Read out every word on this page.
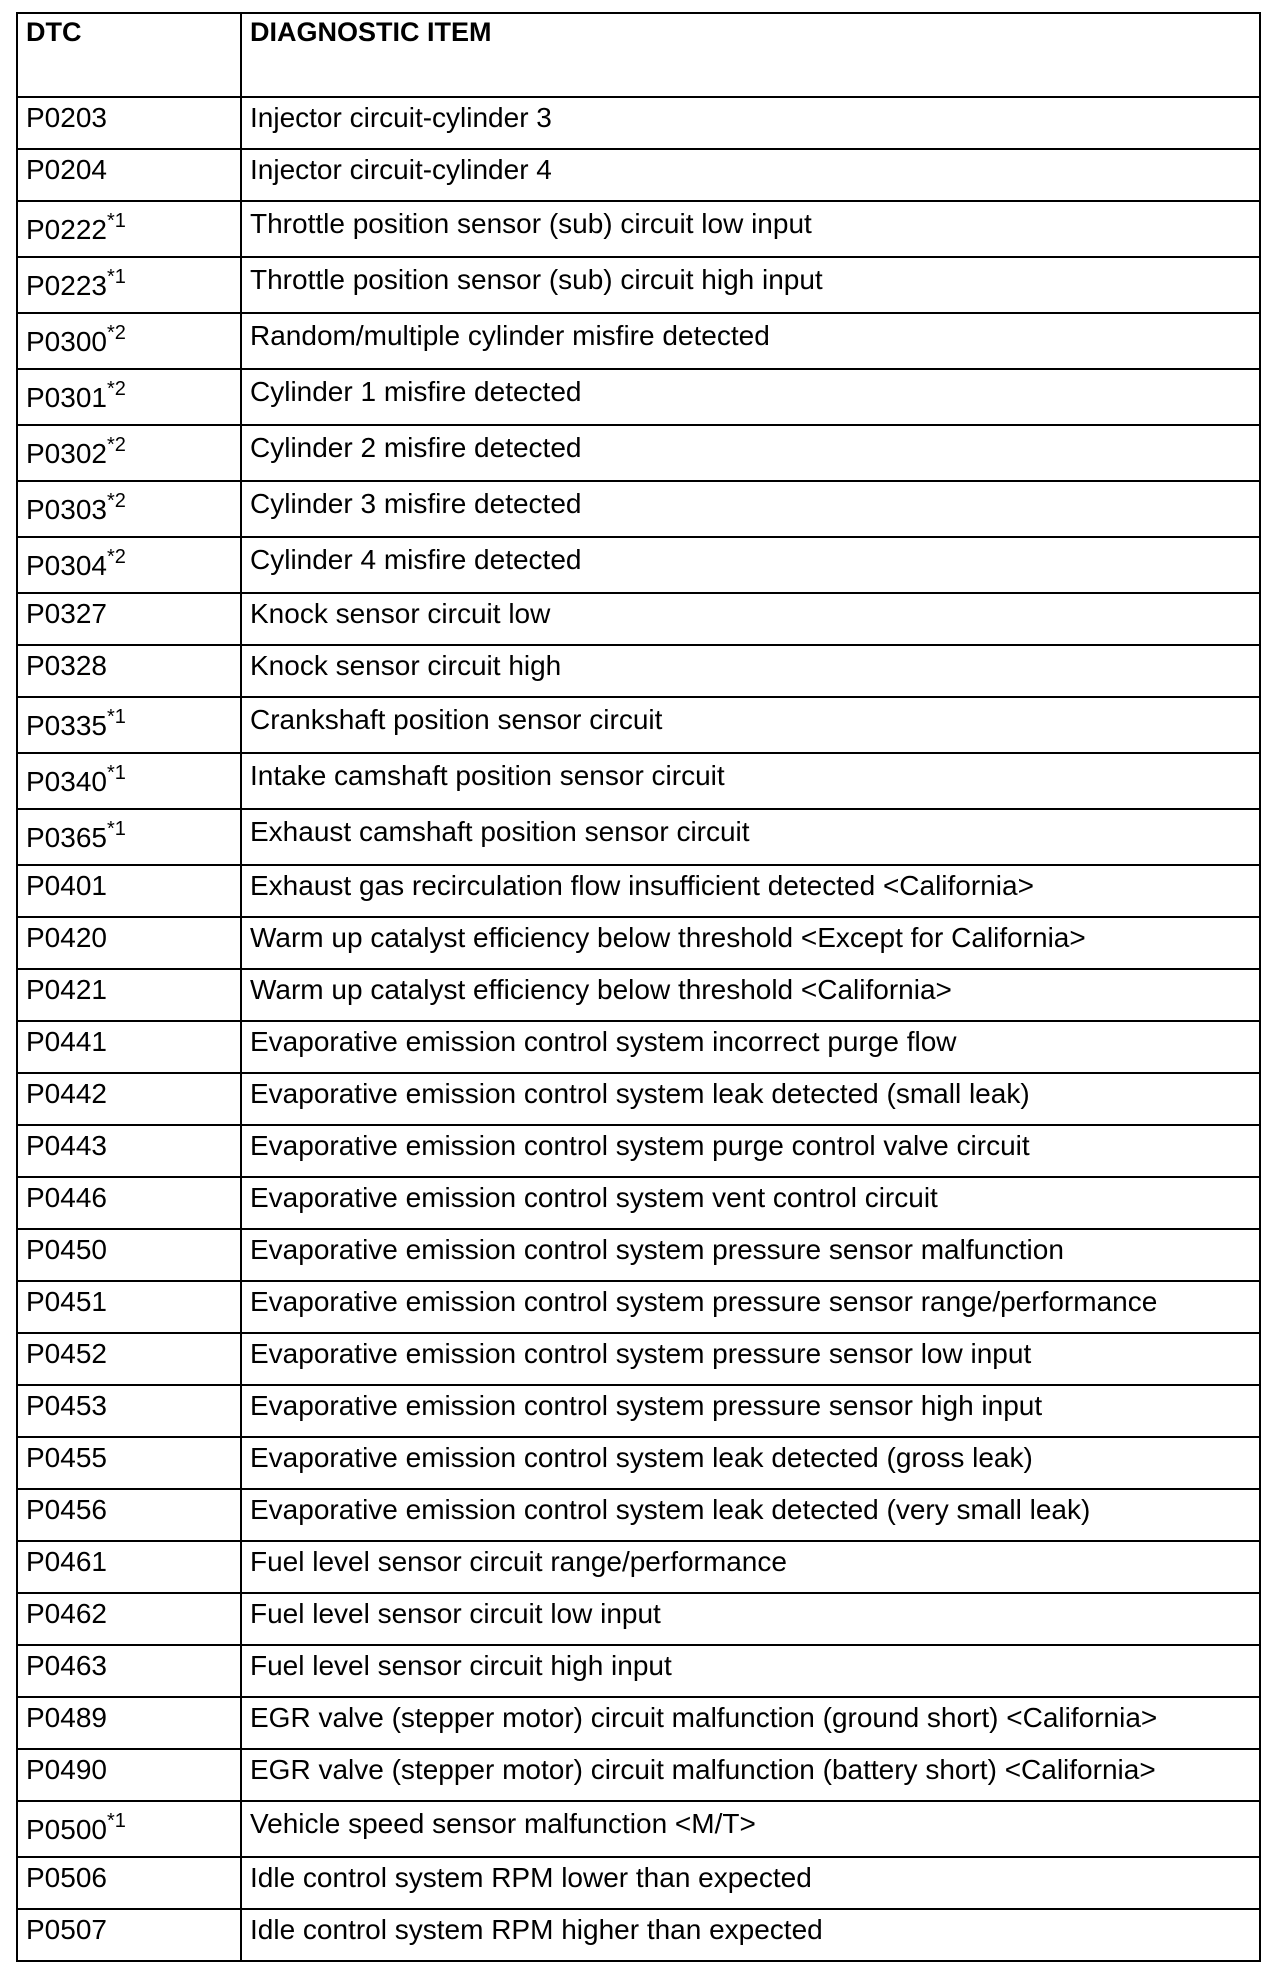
DTC	DIAGNOSTIC ITEM
P0203	Injector circuit-cylinder 3
P0204	Injector circuit-cylinder 4
P0222$^{*1}$	Throttle position sensor (sub) circuit low input
P0223$^{*1}$	Throttle position sensor (sub) circuit high input
P0300$^{*2}$	Random/multiple cylinder misfire detected
P0301$^{*2}$	Cylinder 1 misfire detected
P0302$^{*2}$	Cylinder 2 misfire detected
P0303$^{*2}$	Cylinder 3 misfire detected
P0304$^{*2}$	Cylinder 4 misfire detected
P0327	Knock sensor circuit low
P0328	Knock sensor circuit high
P0335$^{*1}$	Crankshaft position sensor circuit
P0340$^{*1}$	Intake camshaft position sensor circuit
P0365$^{*1}$	Exhaust camshaft position sensor circuit
P0401	Exhaust gas recirculation flow insufficient detected <California>
P0420	Warm up catalyst efficiency below threshold <Except for California>
P0421	Warm up catalyst efficiency below threshold <California>
P0441	Evaporative emission control system incorrect purge flow
P0442	Evaporative emission control system leak detected (small leak)
P0443	Evaporative emission control system purge control valve circuit
P0446	Evaporative emission control system vent control circuit
P0450	Evaporative emission control system pressure sensor malfunction
P0451	Evaporative emission control system pressure sensor range/performance
P0452	Evaporative emission control system pressure sensor low input
P0453	Evaporative emission control system pressure sensor high input
P0455	Evaporative emission control system leak detected (gross leak)
P0456	Evaporative emission control system leak detected (very small leak)
P0461	Fuel level sensor circuit range/performance
P0462	Fuel level sensor circuit low input
P0463	Fuel level sensor circuit high input
P0489	EGR valve (stepper motor) circuit malfunction (ground short) <California>
P0490	EGR valve (stepper motor) circuit malfunction (battery short) <California>
$P0500^{*1}$	Vehicle speed sensor malfunction <M/T>
P0506	Idle control system RPM lower than expected
P0507	Idle control system RPM higher than expected
